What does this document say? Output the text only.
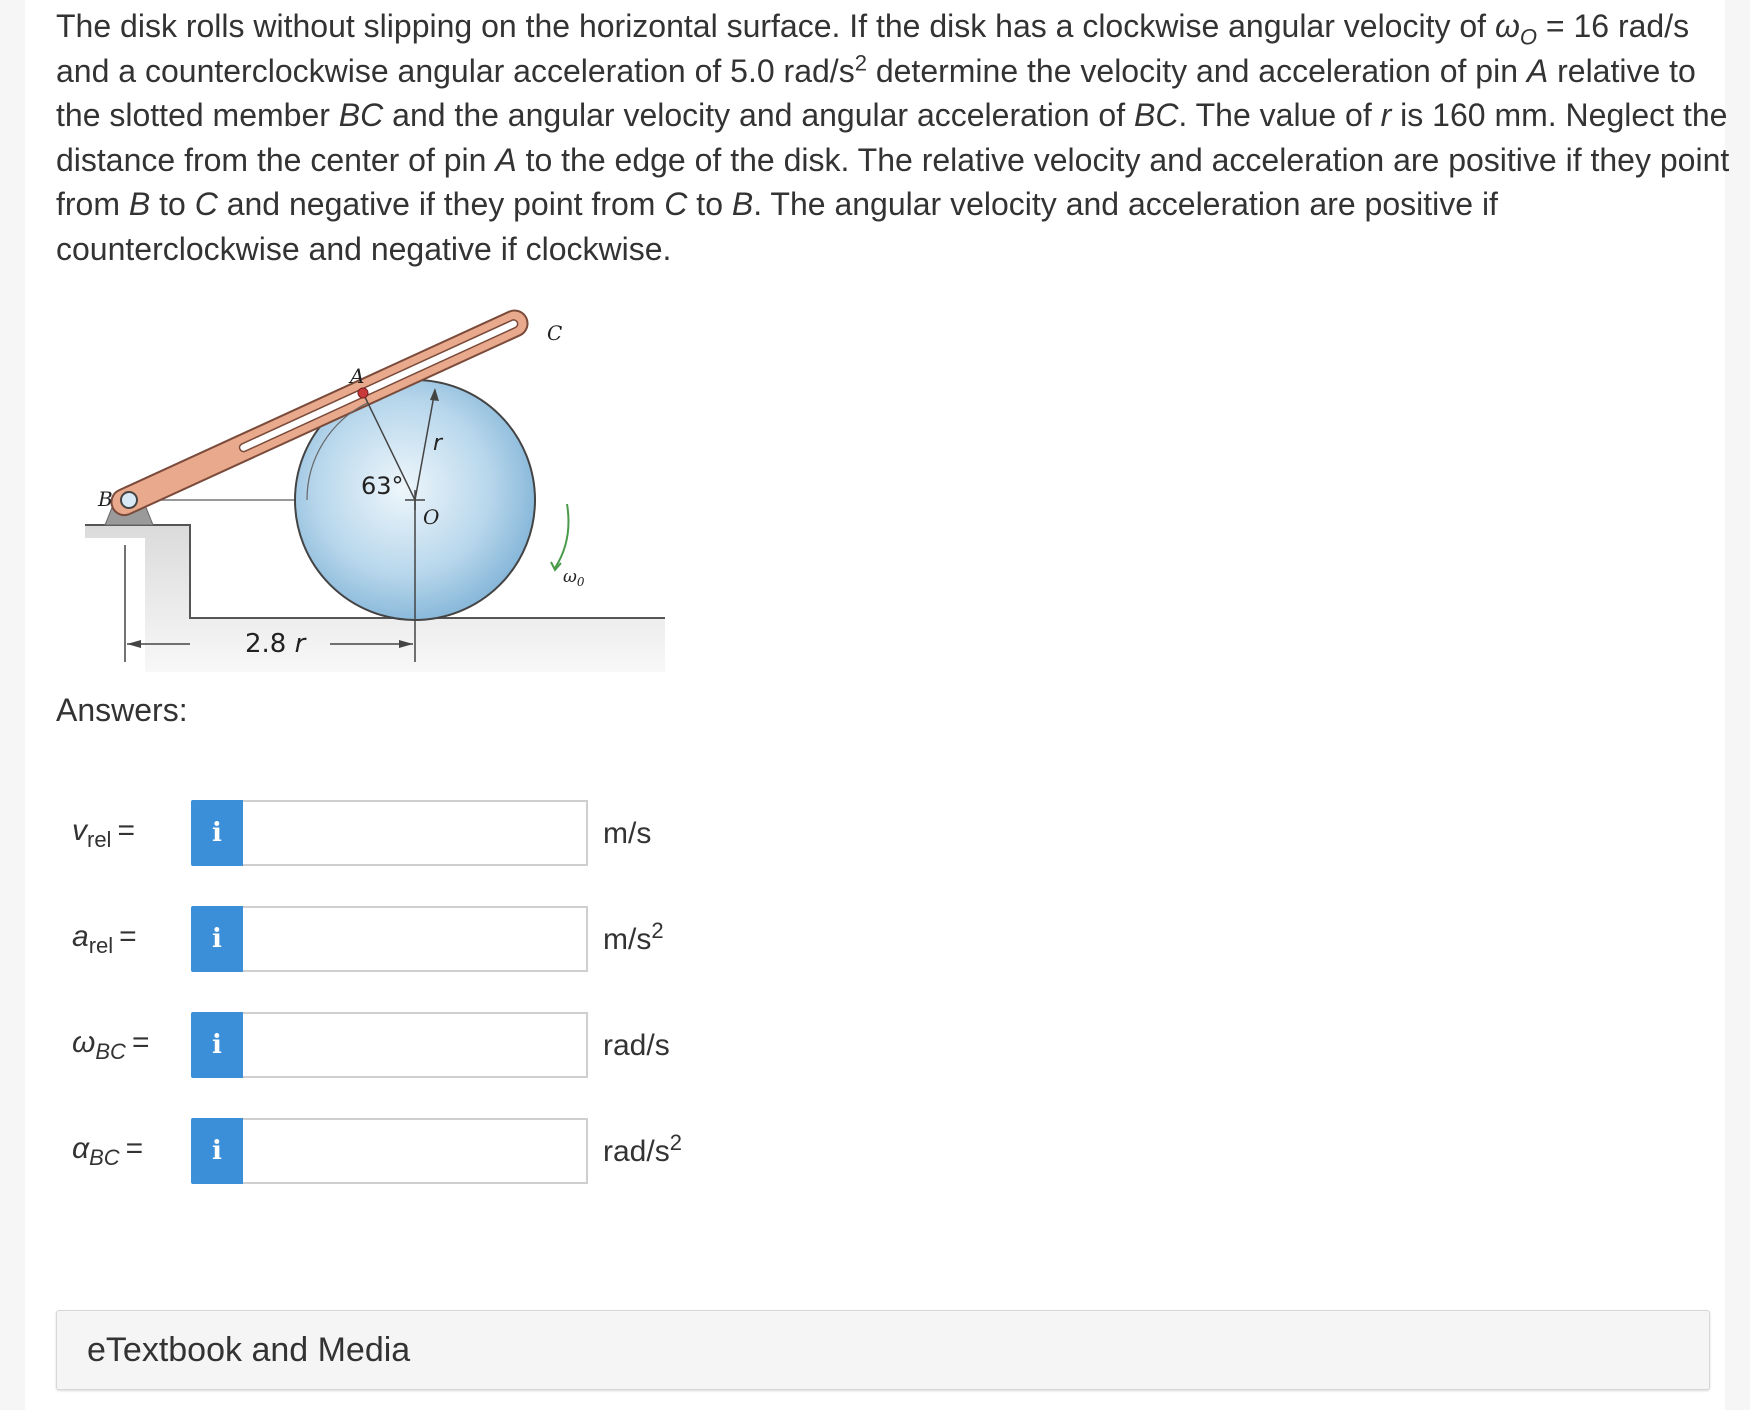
The disk rolls without slipping on the horizontal surface. If the disk has a clockwise angular velocity of $\omega_O = 16$ rad/s and a counterclockwise angular acceleration of 5.0 rad/$s^2$ determine the velocity and acceleration of pin A relative to the slotted member BC and the angular velocity and angular acceleration of BC. The value of r is 160 mm. Neglect the distance from the center of pin A to the edge of the disk. The relative velocity and acceleration are positive if they point from B to C and negative if they point from C to B. The angular velocity and acceleration are positive if counterclockwise and negative if clockwise.

B
C
A
O
r
63°
$\omega_0$
2.8 r
Answers:
$v_{rel}$ =	i	m/s
$a_{rel}$ =	i	$m/s^2$
$\omega_{BC}$ =	i	rad/s
$\alpha_{BC}$ =	i	rad/$s^2$
eTextbook and Media
